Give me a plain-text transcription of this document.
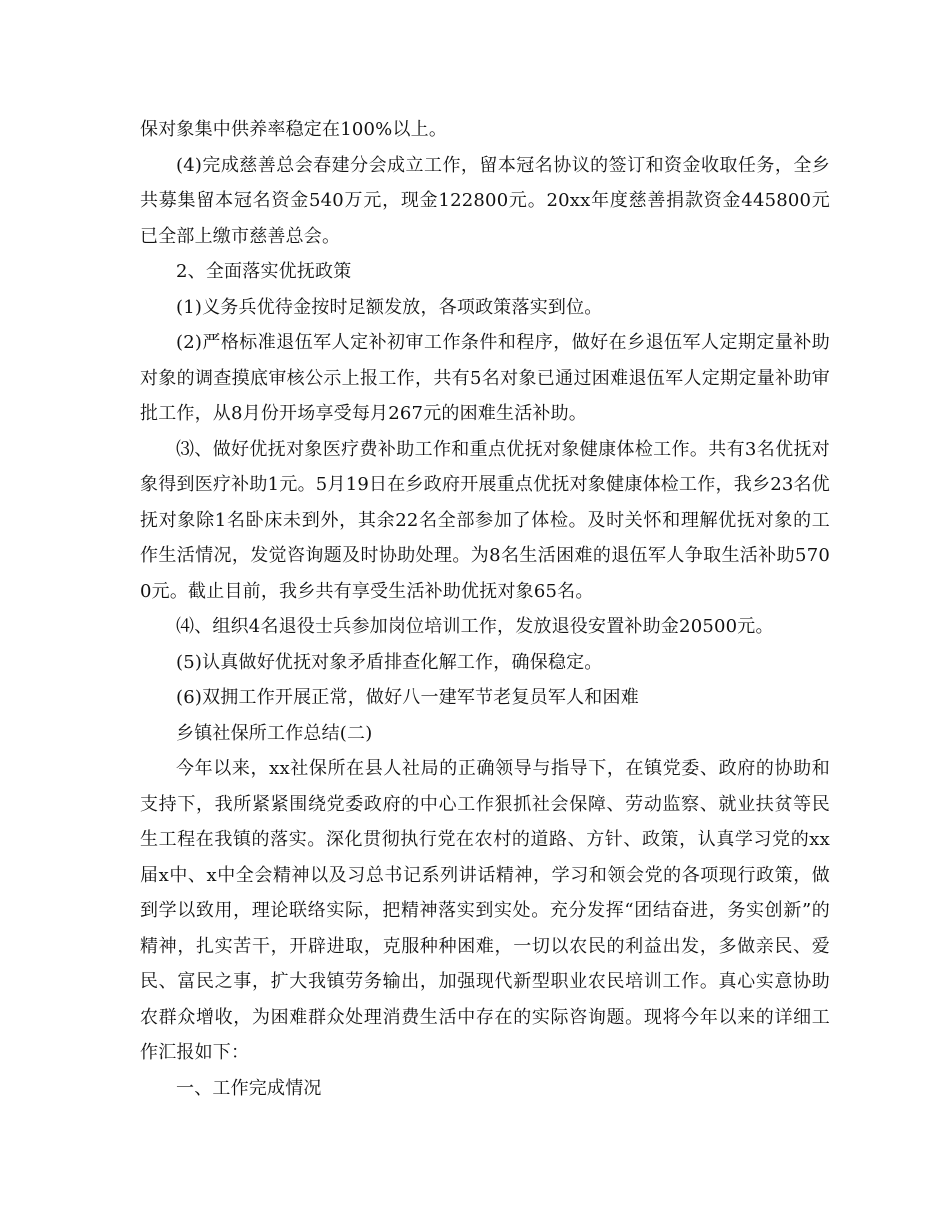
保对象集中供养率稳定在100%以上。

(4)完成慈善总会春建分会成立工作，留本冠名协议的签订和资金收取任务，全乡共募集留本冠名资金540万元，现金122800元。20xx年度慈善捐款资金445800元已全部上缴市慈善总会。

2、全面落实优抚政策

(1)义务兵优待金按时足额发放，各项政策落实到位。

(2)严格标准退伍军人定补初审工作条件和程序，做好在乡退伍军人定期定量补助对象的调查摸底审核公示上报工作，共有5名对象已通过困难退伍军人定期定量补助审批工作，从8月份开场享受每月267元的困难生活补助。

⑶、做好优抚对象医疗费补助工作和重点优抚对象健康体检工作。共有3名优抚对象得到医疗补助1元。5月19日在乡政府开展重点优抚对象健康体检工作，我乡23名优抚对象除1名卧床未到外，其余22名全部参加了体检。及时关怀和理解优抚对象的工作生活情况，发觉咨询题及时协助处理。为8名生活困难的退伍军人争取生活补助5700元。截止目前，我乡共有享受生活补助优抚对象65名。

⑷、组织4名退役士兵参加岗位培训工作，发放退役安置补助金20500元。

(5)认真做好优抚对象矛盾排查化解工作，确保稳定。

(6)双拥工作开展正常，做好八一建军节老复员军人和困难

乡镇社保所工作总结(二)

今年以来，xx社保所在县人社局的正确领导与指导下，在镇党委、政府的协助和支持下，我所紧紧围绕党委政府的中心工作狠抓社会保障、劳动监察、就业扶贫等民生工程在我镇的落实。深化贯彻执行党在农村的道路、方针、政策，认真学习党的xx届x中、x中全会精神以及习总书记系列讲话精神，学习和领会党的各项现行政策，做到学以致用，理论联络实际，把精神落实到实处。充分发挥“团结奋进，务实创新”的精神，扎实苦干，开辟进取，克服种种困难，一切以农民的利益出发，多做亲民、爱民、富民之事，扩大我镇劳务输出，加强现代新型职业农民培训工作。真心实意协助农群众增收，为困难群众处理消费生活中存在的实际咨询题。现将今年以来的详细工作汇报如下：

一、工作完成情况
